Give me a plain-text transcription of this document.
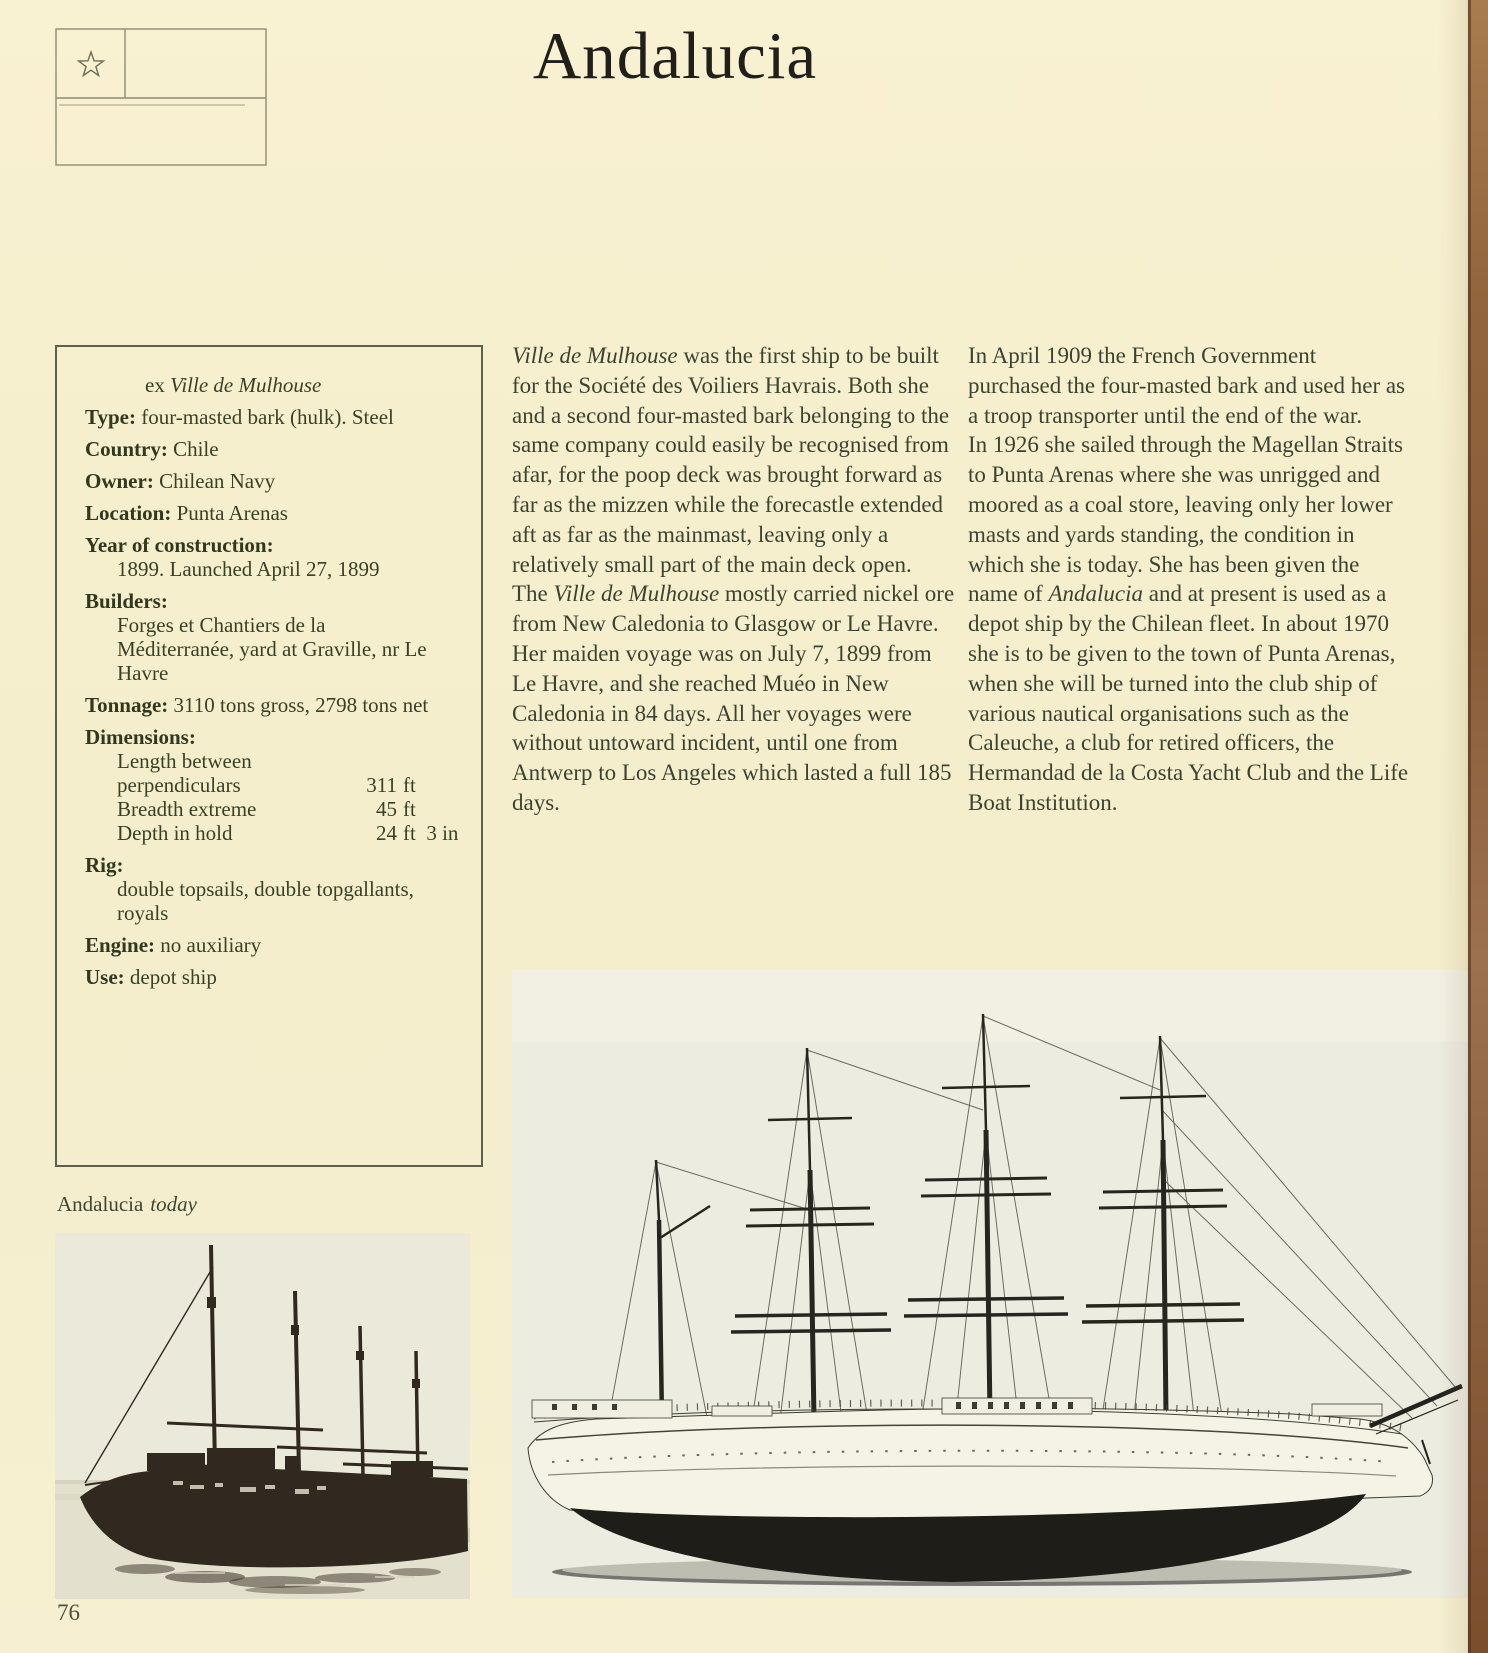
Andalucia
ex Ville de Mulhouse
Type: four-masted bark (hulk). Steel
Country: Chile
Owner: Chilean Navy
Location: Punta Arenas
Year of construction:
1899. Launched April 27, 1899
Builders:
Forges et Chantiers de la Méditerranée, yard at Graville, nr Le Havre
Tonnage: 3110 tons gross, 2798 tons net
Dimensions:
Length between perpendiculars	311 ft
Breadth extreme	45 ft
Depth in hold	24 ft  3 in
Rig:
double topsails, double topgallants, royals
Engine: no auxiliary
Use: depot ship

Ville de Mulhouse was the first ship to be built for the Société des Voiliers Havrais. Both she and a second four-masted bark belonging to the same company could easily be recognised from afar, for the poop deck was brought forward as far as the mizzen while the forecastle extended aft as far as the mainmast, leaving only a relatively small part of the main deck open.

The Ville de Mulhouse mostly carried nickel ore from New Caledonia to Glasgow or Le Havre. Her maiden voyage was on July 7, 1899 from Le Havre, and she reached Muéo in New Caledonia in 84 days. All her voyages were without untoward incident, until one from Antwerp to Los Angeles which lasted a full 185 days.

In April 1909 the French Government purchased the four-masted bark and used her as a troop transporter until the end of the war.

In 1926 she sailed through the Magellan Straits to Punta Arenas where she was unrigged and moored as a coal store, leaving only her lower masts and yards standing, the condition in which she is today. She has been given the name of Andalucia and at present is used as a depot ship by the Chilean fleet. In about 1970 she is to be given to the town of Punta Arenas, when she will be turned into the club ship of various nautical organisations such as the Caleuche, a club for retired officers, the Hermandad de la Costa Yacht Club and the Life Boat Institution.

Andalucia today
76
